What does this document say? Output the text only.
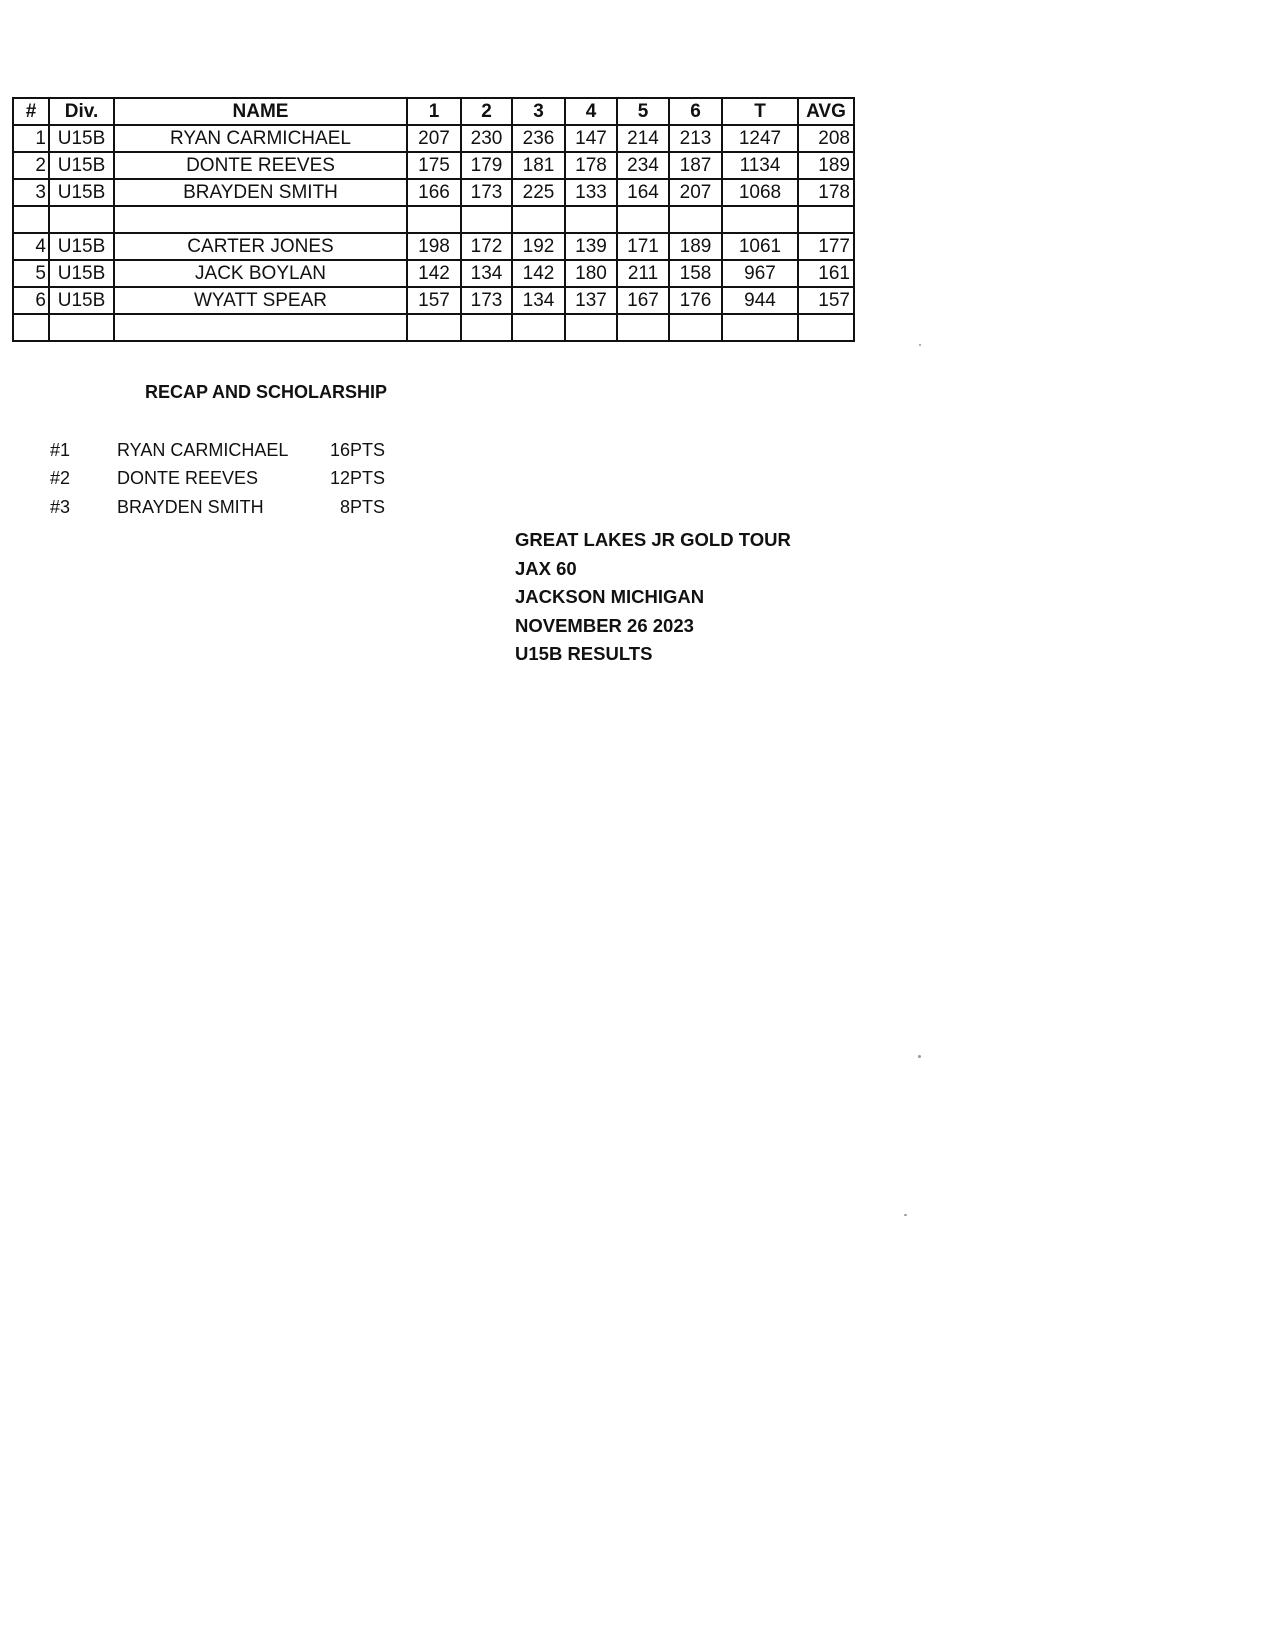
#	Div.	NAME	1	2	3	4	5	6	T	AVG
1	U15B	RYAN CARMICHAEL	207	230	236	147	214	213	1247	208
2	U15B	DONTE REEVES	175	179	181	178	234	187	1134	189
3	U15B	BRAYDEN SMITH	166	173	225	133	164	207	1068	178

4	U15B	CARTER JONES	198	172	192	139	171	189	1061	177
5	U15B	JACK BOYLAN	142	134	142	180	211	158	967	161
6	U15B	WYATT SPEAR	157	173	134	137	167	176	944	157

RECAP AND SCHOLARSHIP
#1	RYAN CARMICHAEL	16PTS
#2	DONTE REEVES	12PTS
#3	BRAYDEN SMITH	8PTS
GREAT LAKES JR GOLD TOUR
JAX 60
JACKSON MICHIGAN
NOVEMBER 26 2023
U15B RESULTS
